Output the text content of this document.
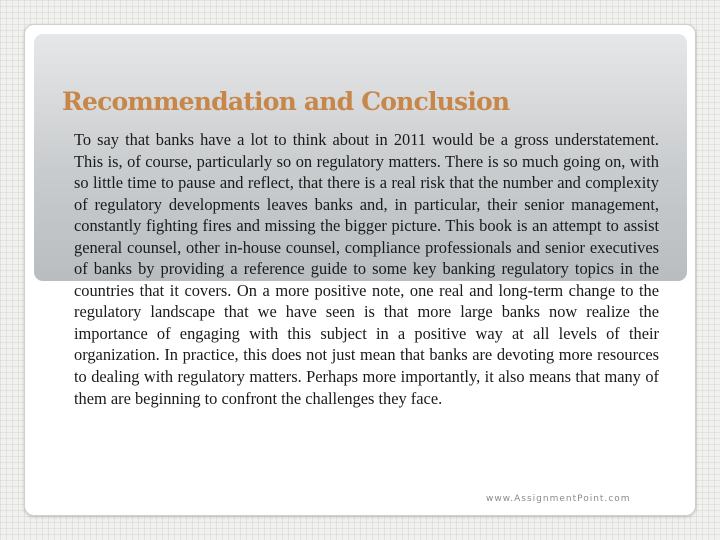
Recommendation and Conclusion

To say that banks have a lot to think about in 2011 would be a gross understatement. This is, of course, particularly so on regulatory matters. There is so much going on, with so little time to pause and reflect, that there is a real risk that the number and complexity of regulatory developments leaves banks and, in particular, their senior management, constantly fighting fires and missing the bigger picture. This book is an attempt to assist general counsel, other in-house counsel, compliance professionals and senior executives of banks by providing a reference guide to some key banking regulatory topics in the countries that it covers. On a more positive note, one real and long-term change to the regulatory landscape that we have seen is that more large banks now realize the importance of engaging with this subject in a positive way at all levels of their organization. In practice, this does not just mean that banks are devoting more resources to dealing with regulatory matters. Perhaps more importantly, it also means that many of them are beginning to confront the challenges they face.

www.AssignmentPoint.com
